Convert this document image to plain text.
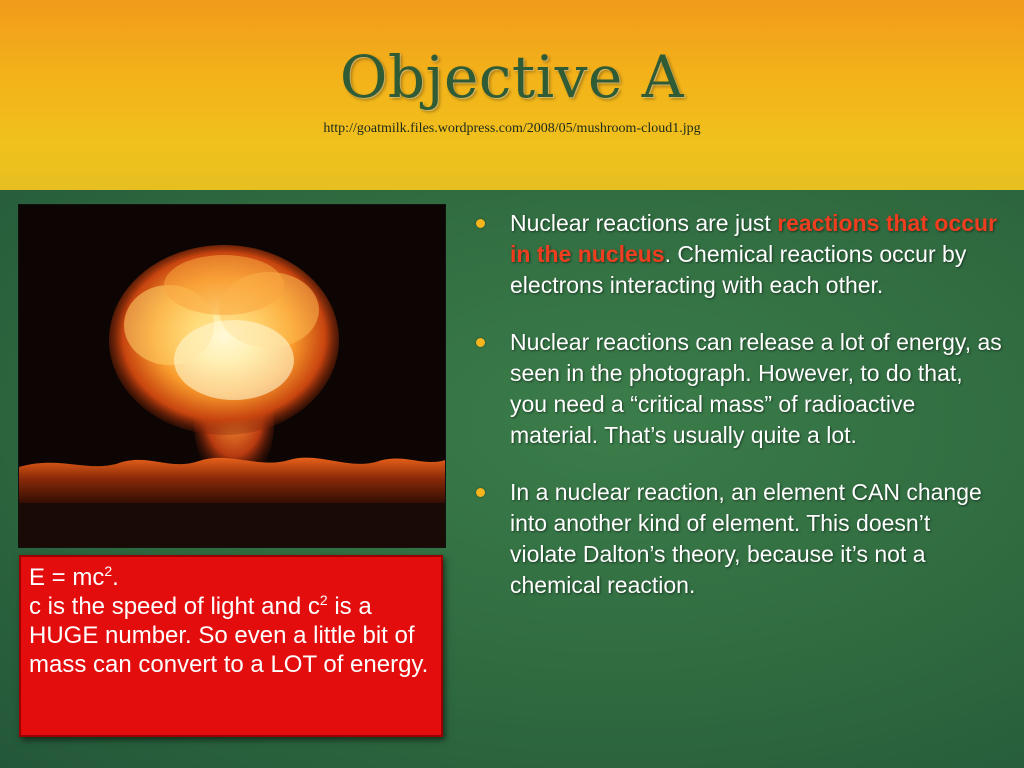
Objective A
http://goatmilk.files.wordpress.com/2008/05/mushroom-cloud1.jpg
$E = mc^2$.
c is the speed of light and $c^2$ is a HUGE number. So even a little bit of mass can convert to a LOT of energy.
Nuclear reactions are just reactions that occur in the nucleus. Chemical reactions occur by electrons interacting with each other.
Nuclear reactions can release a lot of energy, as seen in the photograph. However, to do that, you need a “critical mass” of radioactive material. That’s usually quite a lot.
In a nuclear reaction, an element CAN change into another kind of element. This doesn’t violate Dalton’s theory, because it’s not a chemical reaction.
